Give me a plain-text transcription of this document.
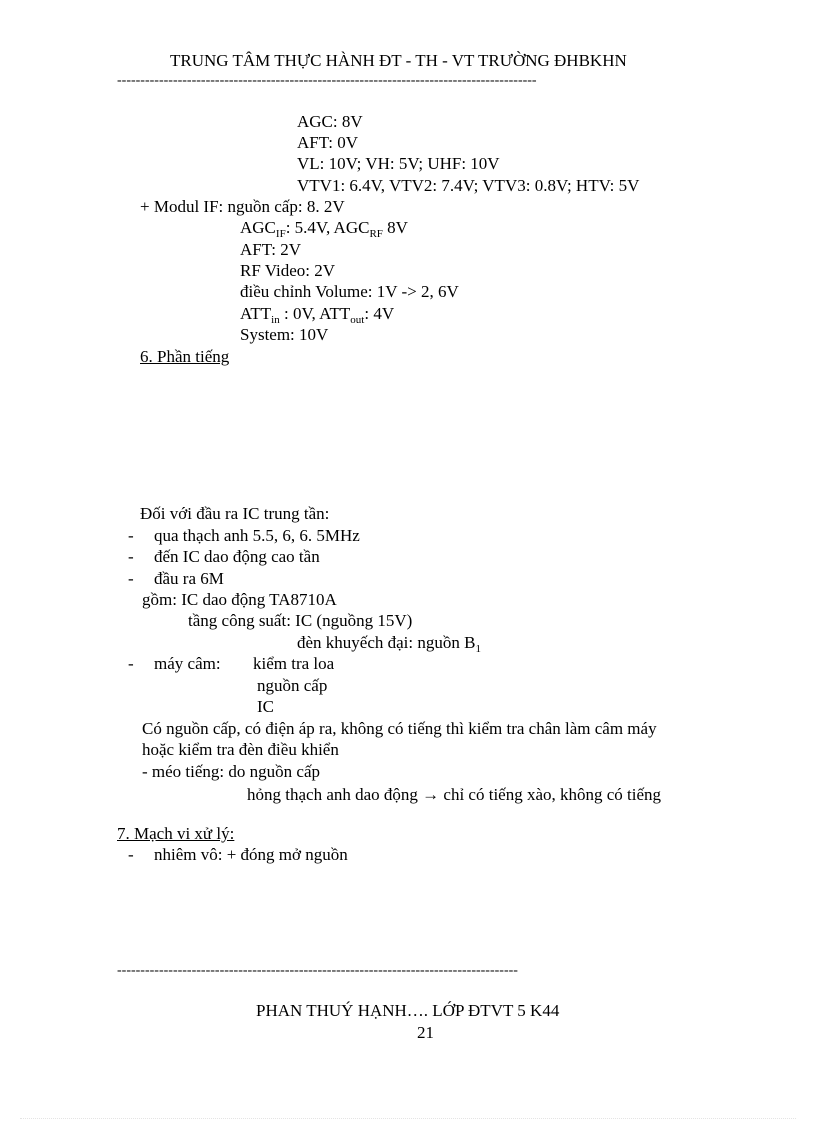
TRUNG TÂM THỰC HÀNH ĐT - TH - VT TRƯỜNG ĐHBKHN
------------------------------------------------------------------------------------------
AGC: 8V
AFT: 0V
VL: 10V; VH: 5V; UHF: 10V
VTV1: 6.4V, VTV2: 7.4V; VTV3: 0.8V; HTV: 5V
+ Modul IF: nguồn cấp: 8. 2V
$AGC_{IF}$: 5.4V, $AGC_{RF}$ 8V
AFT: 2V
RF Video: 2V
điều chỉnh Volume: 1V -> 2, 6V
$ATT_{in}$ : 0V, $ATT_{out}$: 4V
System: 10V
6. Phần tiếng
Đối với đầu ra IC trung tần:
- qua thạch anh 5.5, 6, 6. 5MHz
- đến IC dao động cao tần
- đầu ra 6M
gồm: IC dao động TA8710A
tầng công suất: IC (nguồng 15V)
đèn khuyếch đại: nguồn $B_1$
- máy câm: kiểm tra loa
nguồn cấp
IC
Có nguồn cấp, có điện áp ra, không có tiếng thì kiểm tra chân làm câm máy
hoặc kiểm tra đèn điều khiển
- méo tiếng: do nguồn cấp
hỏng thạch anh dao động → chỉ có tiếng xào, không có tiếng
7. Mạch vi xử lý:
- nhiêm vô: + đóng mở nguồn
--------------------------------------------------------------------------------------
PHAN THUÝ HẠNH…. LỚP ĐTVT 5 K44
21
